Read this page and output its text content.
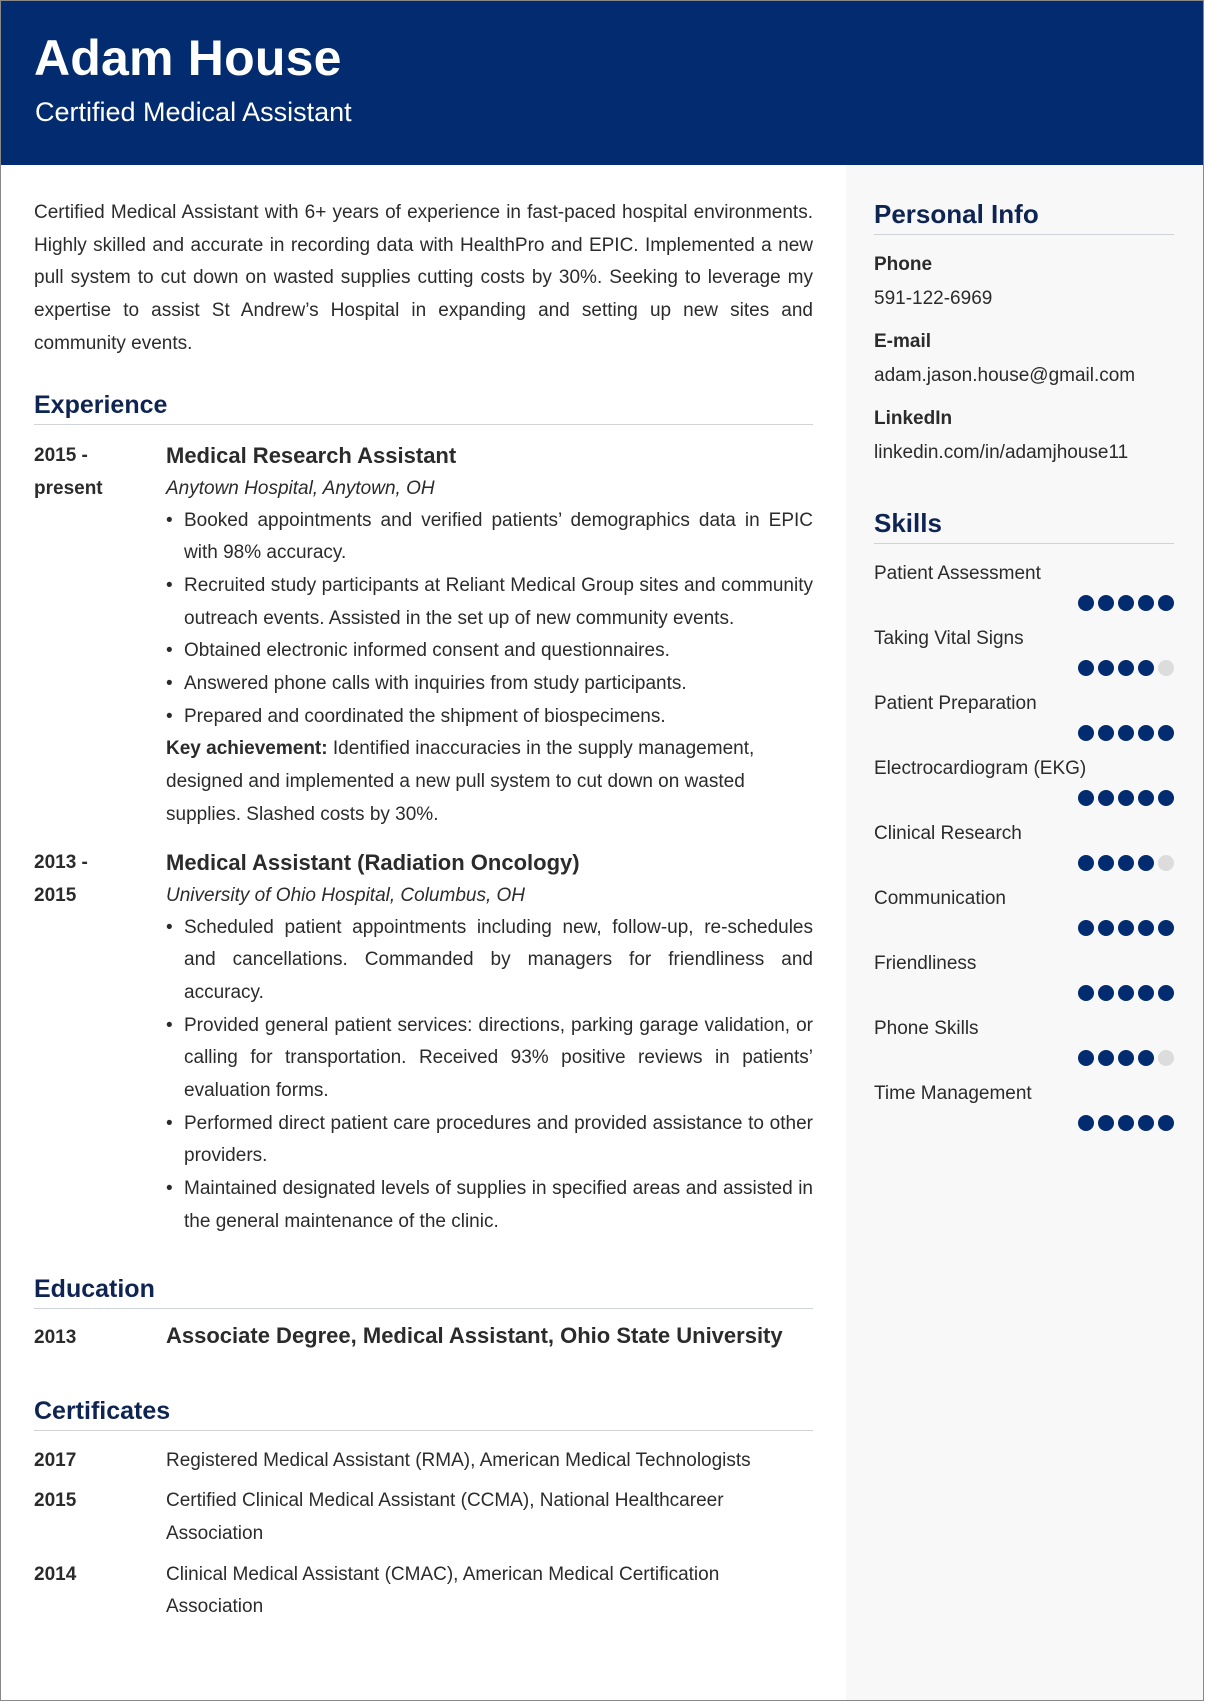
Adam House

Certified Medical Assistant

Certified Medical Assistant with 6+ years of experience in fast-paced hospital environments. Highly skilled and accurate in recording data with HealthPro and EPIC. Implemented a new pull system to cut down on wasted supplies cutting costs by 30%. Seeking to leverage my expertise to assist St Andrew’s Hospital in expanding and setting up new sites and community events.

Experience
2015 -
present

Medical Research Assistant

Anytown Hospital, Anytown, OH

• Booked appointments and verified patients’ demographics data in EPIC with 98% accuracy.
• Recruited study participants at Reliant Medical Group sites and community outreach events. Assisted in the set up of new community events.
• Obtained electronic informed consent and questionnaires.
• Answered phone calls with inquiries from study participants.
• Prepared and coordinated the shipment of biospecimens.

Key achievement: Identified inaccuracies in the supply management, designed and implemented a new pull system to cut down on wasted supplies. Slashed costs by 30%.

2013 -
2015

Medical Assistant (Radiation Oncology)

University of Ohio Hospital, Columbus, OH

• Scheduled patient appointments including new, follow-up, re-schedules and cancellations. Commanded by managers for friendliness and accuracy.
• Provided general patient services: directions, parking garage validation, or calling for transportation. Received 93% positive reviews in patients’ evaluation forms.
• Performed direct patient care procedures and provided assistance to other providers.
• Maintained designated levels of supplies in specified areas and assisted in the general maintenance of the clinic.
Education
2013	Associate Degree, Medical Assistant, Ohio State University
Certificates
2017	Registered Medical Assistant (RMA), American Medical Technologists
2015	Certified Clinical Medical Assistant (CCMA), National Healthcareer Association
2014	Clinical Medical Assistant (CMAC), American Medical Certification Association
Personal Info

Phone

591-122-6969

E-mail

adam.jason.house@gmail.com

LinkedIn

linkedin.com/in/adamjhouse11

Skills

Patient Assessment

Taking Vital Signs

Patient Preparation

Electrocardiogram (EKG)

Clinical Research

Communication

Friendliness

Phone Skills

Time Management
